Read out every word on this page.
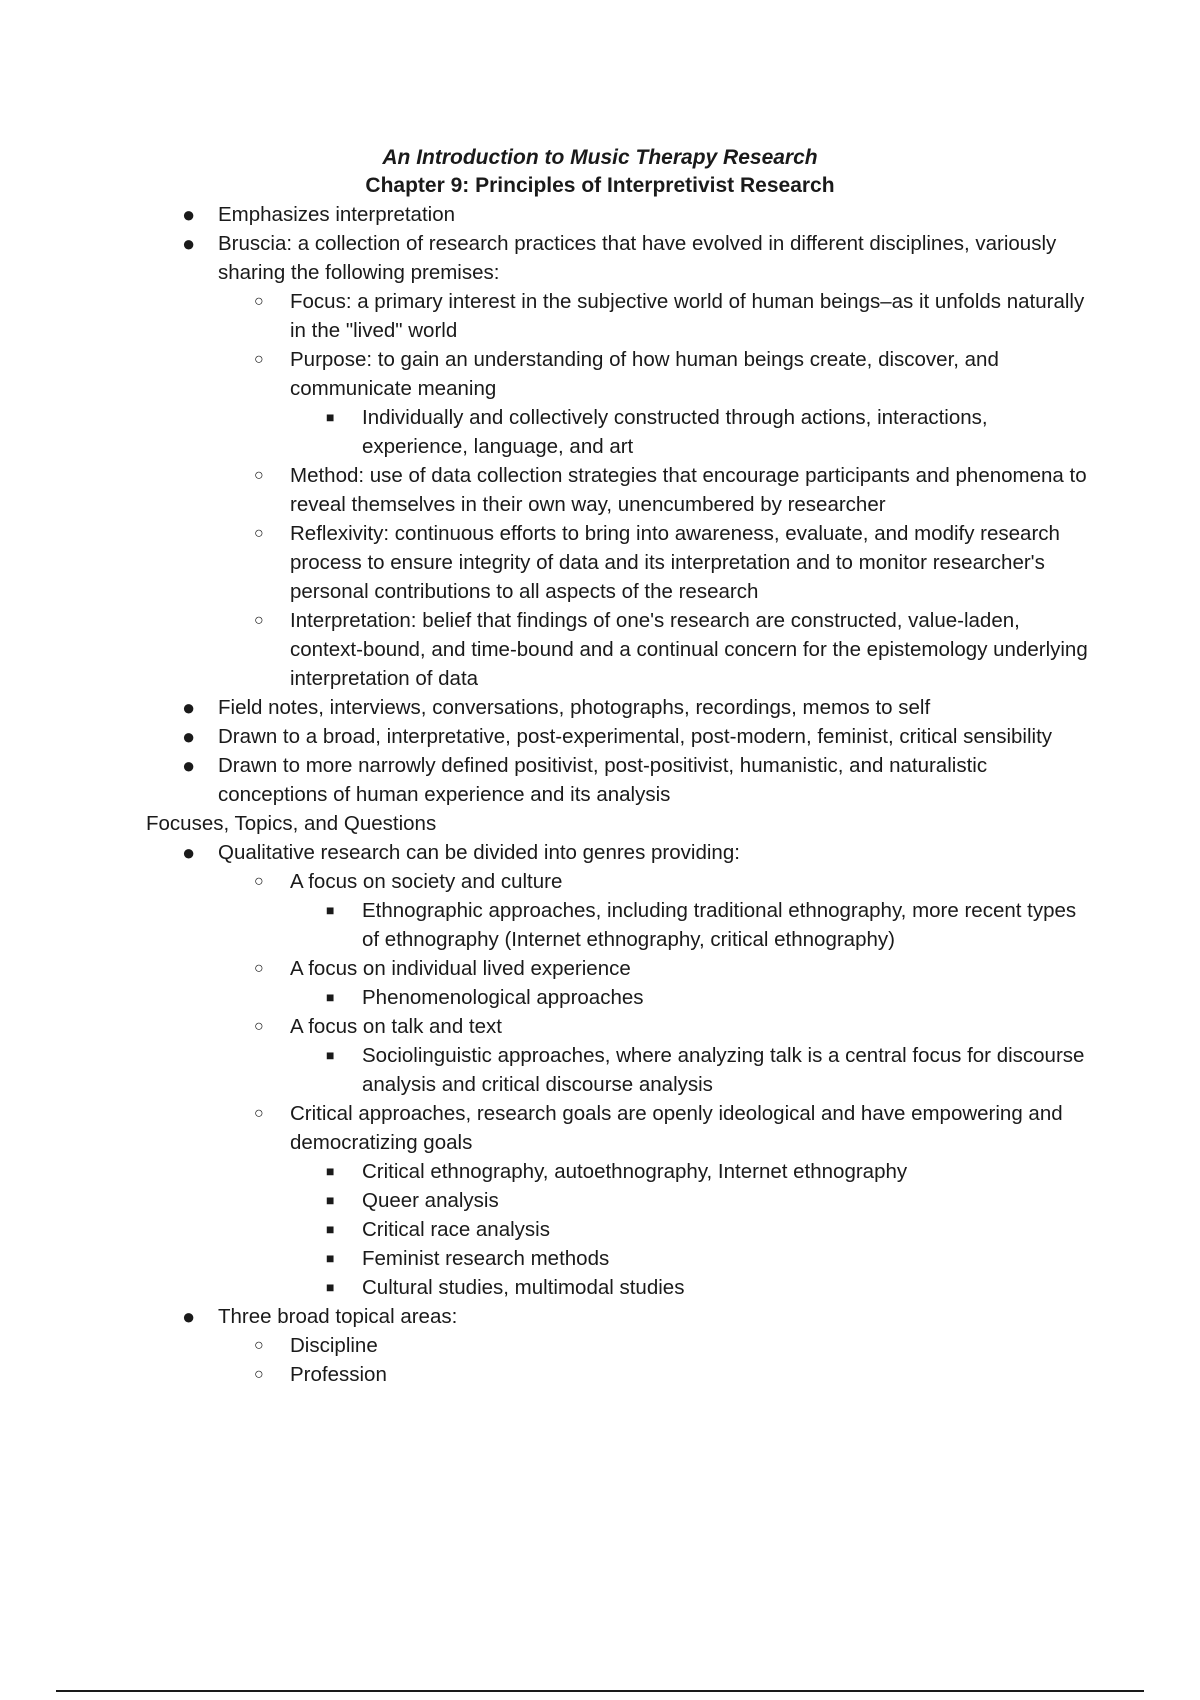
An Introduction to Music Therapy Research

Chapter 9: Principles of Interpretivist Research

● Emphasizes interpretation
● Bruscia: a collection of research practices that have evolved in different disciplines, variously sharing the following premises:
○ Focus: a primary interest in the subjective world of human beings–as it unfolds naturally in the "lived" world
○ Purpose: to gain an understanding of how human beings create, discover, and communicate meaning
■ Individually and collectively constructed through actions, interactions, experience, language, and art
○ Method: use of data collection strategies that encourage participants and phenomena to reveal themselves in their own way, unencumbered by researcher
○ Reflexivity: continuous efforts to bring into awareness, evaluate, and modify research process to ensure integrity of data and its interpretation and to monitor researcher's personal contributions to all aspects of the research
○ Interpretation: belief that findings of one's research are constructed, value-laden, context-bound, and time-bound and a continual concern for the epistemology underlying interpretation of data
● Field notes, interviews, conversations, photographs, recordings, memos to self
● Drawn to a broad, interpretative, post-experimental, post-modern, feminist, critical sensibility
● Drawn to more narrowly defined positivist, post-positivist, humanistic, and naturalistic conceptions of human experience and its analysis
Focuses, Topics, and Questions
● Qualitative research can be divided into genres providing:
○ A focus on society and culture
■ Ethnographic approaches, including traditional ethnography, more recent types of ethnography (Internet ethnography, critical ethnography)
○ A focus on individual lived experience
■ Phenomenological approaches
○ A focus on talk and text
■ Sociolinguistic approaches, where analyzing talk is a central focus for discourse analysis and critical discourse analysis
○ Critical approaches, research goals are openly ideological and have empowering and democratizing goals
■ Critical ethnography, autoethnography, Internet ethnography
■ Queer analysis
■ Critical race analysis
■ Feminist research methods
■ Cultural studies, multimodal studies
● Three broad topical areas:
○ Discipline
○ Profession
